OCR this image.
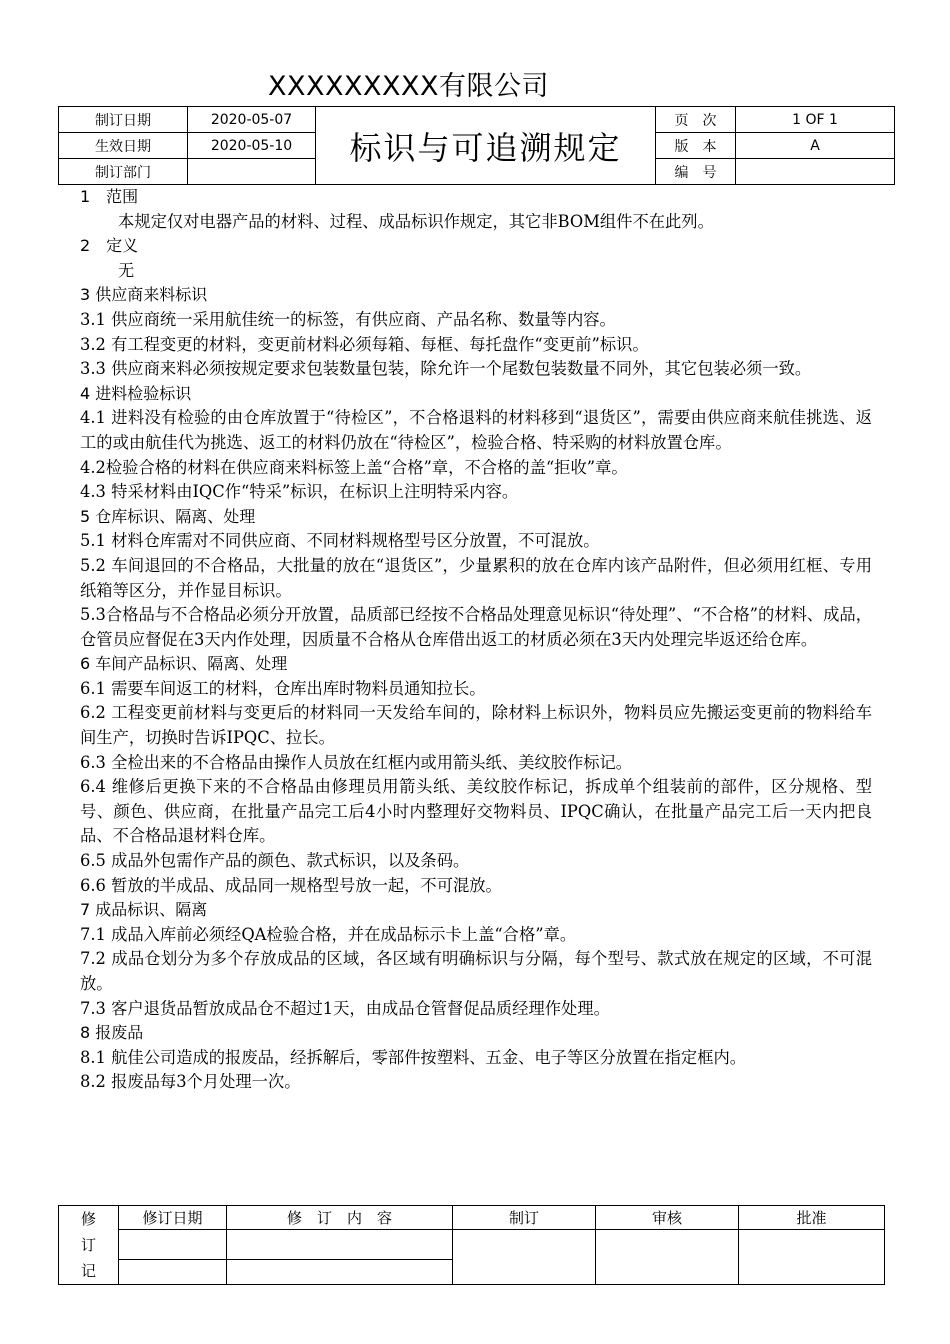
XXXXXXXXX有限公司
制订日期	2020-05-07	标识与可追溯规定	页　次	1 OF 1
生效日期	2020-05-10		版　本	A
制订部门			编　号	

1　范围

本规定仅对电器产品的材料、过程、成品标识作规定，其它非BOM组件不在此列。

2　定义

无

3 供应商来料标识

3.1 供应商统一采用航佳统一的标签，有供应商、产品名称、数量等内容。

3.2 有工程变更的材料，变更前材料必须每箱、每框、每托盘作“变更前”标识。

3.3 供应商来料必须按规定要求包装数量包装，除允许一个尾数包装数量不同外，其它包装必须一致。

4 进料检验标识

4.1 进料没有检验的由仓库放置于“待检区”，不合格退料的材料移到“退货区”，需要由供应商来航佳挑选、返工的或由航佳代为挑选、返工的材料仍放在“待检区”，检验合格、特采购的材料放置仓库。

4.2检验合格的材料在供应商来料标签上盖“合格”章，不合格的盖“拒收”章。

4.3 特采材料由IQC作“特采”标识，在标识上注明特采内容。

5 仓库标识、隔离、处理

5.1 材料仓库需对不同供应商、不同材料规格型号区分放置，不可混放。

5.2 车间退回的不合格品，大批量的放在“退货区”，少量累积的放在仓库内该产品附件，但必须用红框、专用纸箱等区分，并作显目标识。

5.3合格品与不合格品必须分开放置，品质部已经按不合格品处理意见标识“待处理”、“不合格”的材料、成品，仓管员应督促在3天内作处理，因质量不合格从仓库借出返工的材质必须在3天内处理完毕返还给仓库。

6 车间产品标识、隔离、处理

6.1 需要车间返工的材料，仓库出库时物料员通知拉长。

6.2 工程变更前材料与变更后的材料同一天发给车间的，除材料上标识外，物料员应先搬运变更前的物料给车间生产，切换时告诉IPQC、拉长。

6.3 全检出来的不合格品由操作人员放在红框内或用箭头纸、美纹胶作标记。

6.4 维修后更换下来的不合格品由修理员用箭头纸、美纹胶作标记，拆成单个组装前的部件，区分规格、型号、颜色、供应商，在批量产品完工后4小时内整理好交物料员、IPQC确认，在批量产品完工后一天内把良品、不合格品退材料仓库。

6.5 成品外包需作产品的颜色、款式标识，以及条码。

6.6 暂放的半成品、成品同一规格型号放一起，不可混放。

7 成品标识、隔离

7.1 成品入库前必须经QA检验合格，并在成品标示卡上盖“合格”章。

7.2 成品仓划分为多个存放成品的区域，各区域有明确标识与分隔，每个型号、款式放在规定的区域，不可混放。

7.3 客户退货品暂放成品仓不超过1天，由成品仓管督促品质经理作处理。

8 报废品

8.1 航佳公司造成的报废品，经拆解后，零部件按塑料、五金、电子等区分放置在指定框内。

8.2 报废品每3个月处理一次。

修
订
记	修订日期	修　订　内　容	制订	审核	批准
